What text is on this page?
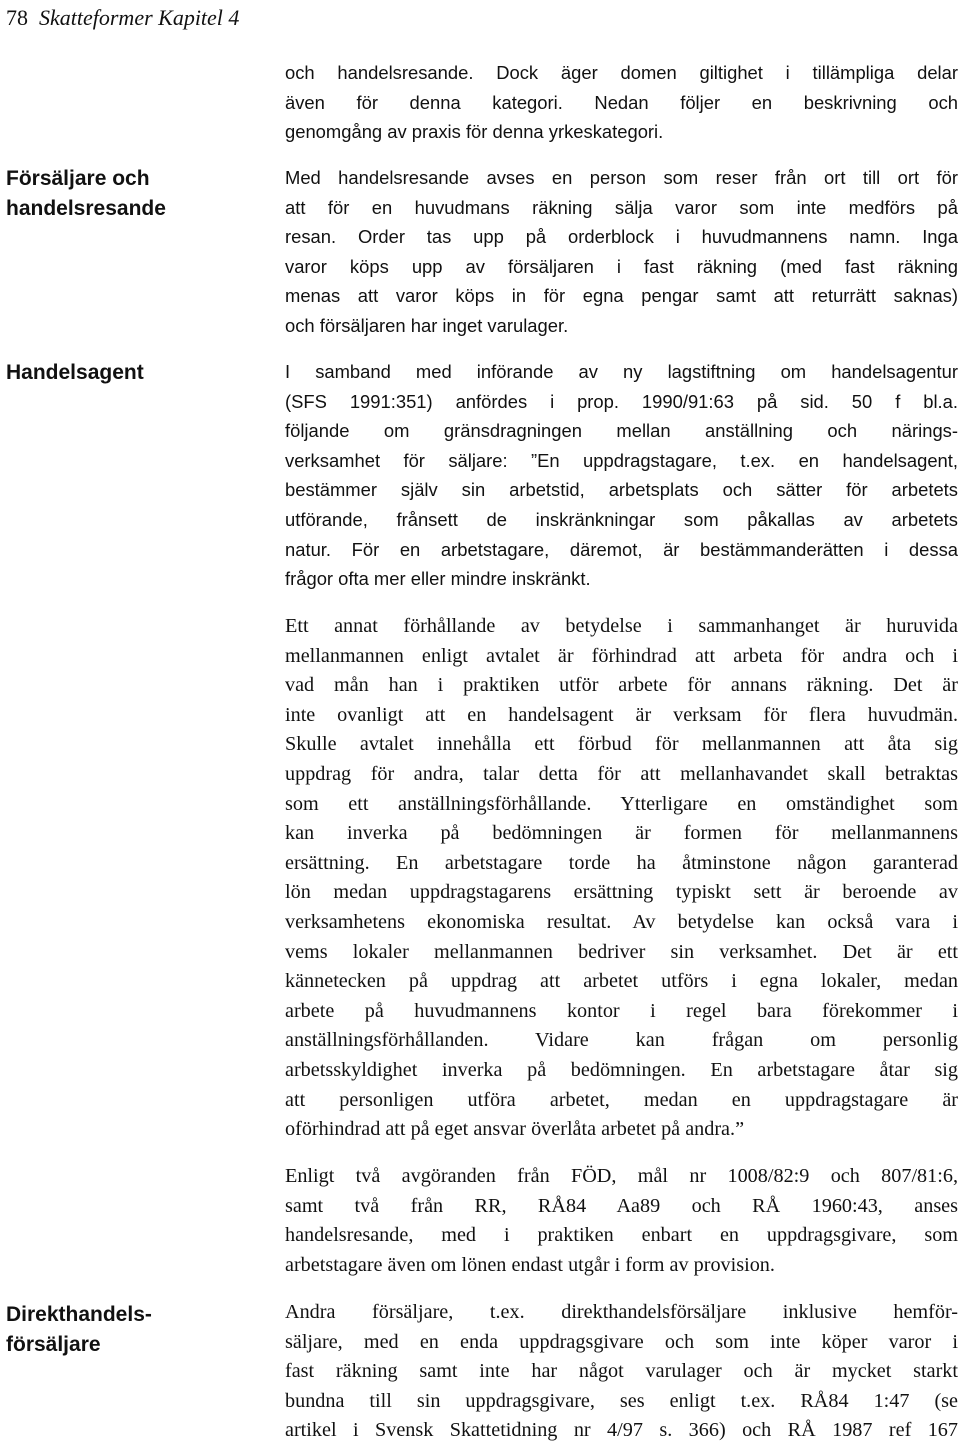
78 Skatteformer Kapitel 4
Försäljare och
handelsresande
Handelsagent
Direkthandels-
försäljare
och handelsresande. Dock äger domen giltighet i tillämpliga delar
även för denna kategori. Nedan följer en beskrivning och
genomgång av praxis för denna yrkeskategori.
Med handelsresande avses en person som reser från ort till ort för
att för en huvudmans räkning sälja varor som inte medförs på
resan. Order tas upp på orderblock i huvudmannens namn. Inga
varor köps upp av försäljaren i fast räkning (med fast räkning
menas att varor köps in för egna pengar samt att returrätt saknas)
och försäljaren har inget varulager.
I samband med införande av ny lagstiftning om handelsagentur
(SFS 1991:351) anfördes i prop. 1990/91:63 på sid. 50 f bl.a.
följande om gränsdragningen mellan anställning och närings-
verksamhet för säljare: ”En uppdragstagare, t.ex. en handelsagent,
bestämmer själv sin arbetstid, arbetsplats och sätter för arbetets
utförande, frånsett de inskränkningar som påkallas av arbetets
natur. För en arbetstagare, däremot, är bestämmanderätten i dessa
frågor ofta mer eller mindre inskränkt.
Ett annat förhållande av betydelse i sammanhanget är huruvida
mellanmannen enligt avtalet är förhindrad att arbeta för andra och i
vad mån han i praktiken utför arbete för annans räkning. Det är
inte ovanligt att en handelsagent är verksam för flera huvudmän.
Skulle avtalet innehålla ett förbud för mellanmannen att åta sig
uppdrag för andra, talar detta för att mellanhavandet skall betraktas
som ett anställningsförhållande. Ytterligare en omständighet som
kan inverka på bedömningen är formen för mellanmannens
ersättning. En arbetstagare torde ha åtminstone någon garanterad
lön medan uppdragstagarens ersättning typiskt sett är beroende av
verksamhetens ekonomiska resultat. Av betydelse kan också vara i
vems lokaler mellanmannen bedriver sin verksamhet. Det är ett
kännetecken på uppdrag att arbetet utförs i egna lokaler, medan
arbete på huvudmannens kontor i regel bara förekommer i
anställningsförhållanden. Vidare kan frågan om personlig
arbetsskyldighet inverka på bedömningen. En arbetstagare åtar sig
att personligen utföra arbetet, medan en uppdragstagare är
oförhindrad att på eget ansvar överlåta arbetet på andra.”
Enligt två avgöranden från FÖD, mål nr 1008/82:9 och 807/81:6,
samt två från RR, RÅ84 Aa89 och RÅ 1960:43, anses
handelsresande, med i praktiken enbart en uppdragsgivare, som
arbetstagare även om lönen endast utgår i form av provision.
Andra försäljare, t.ex. direkthandelsförsäljare inklusive hemför-
säljare, med en enda uppdragsgivare och som inte köper varor i
fast räkning samt inte har något varulager och är mycket starkt
bundna till sin uppdragsgivare, ses enligt t.ex. RÅ84 1:47 (se
artikel i Svensk Skattetidning nr 4/97 s. 366) och RÅ 1987 ref 167
